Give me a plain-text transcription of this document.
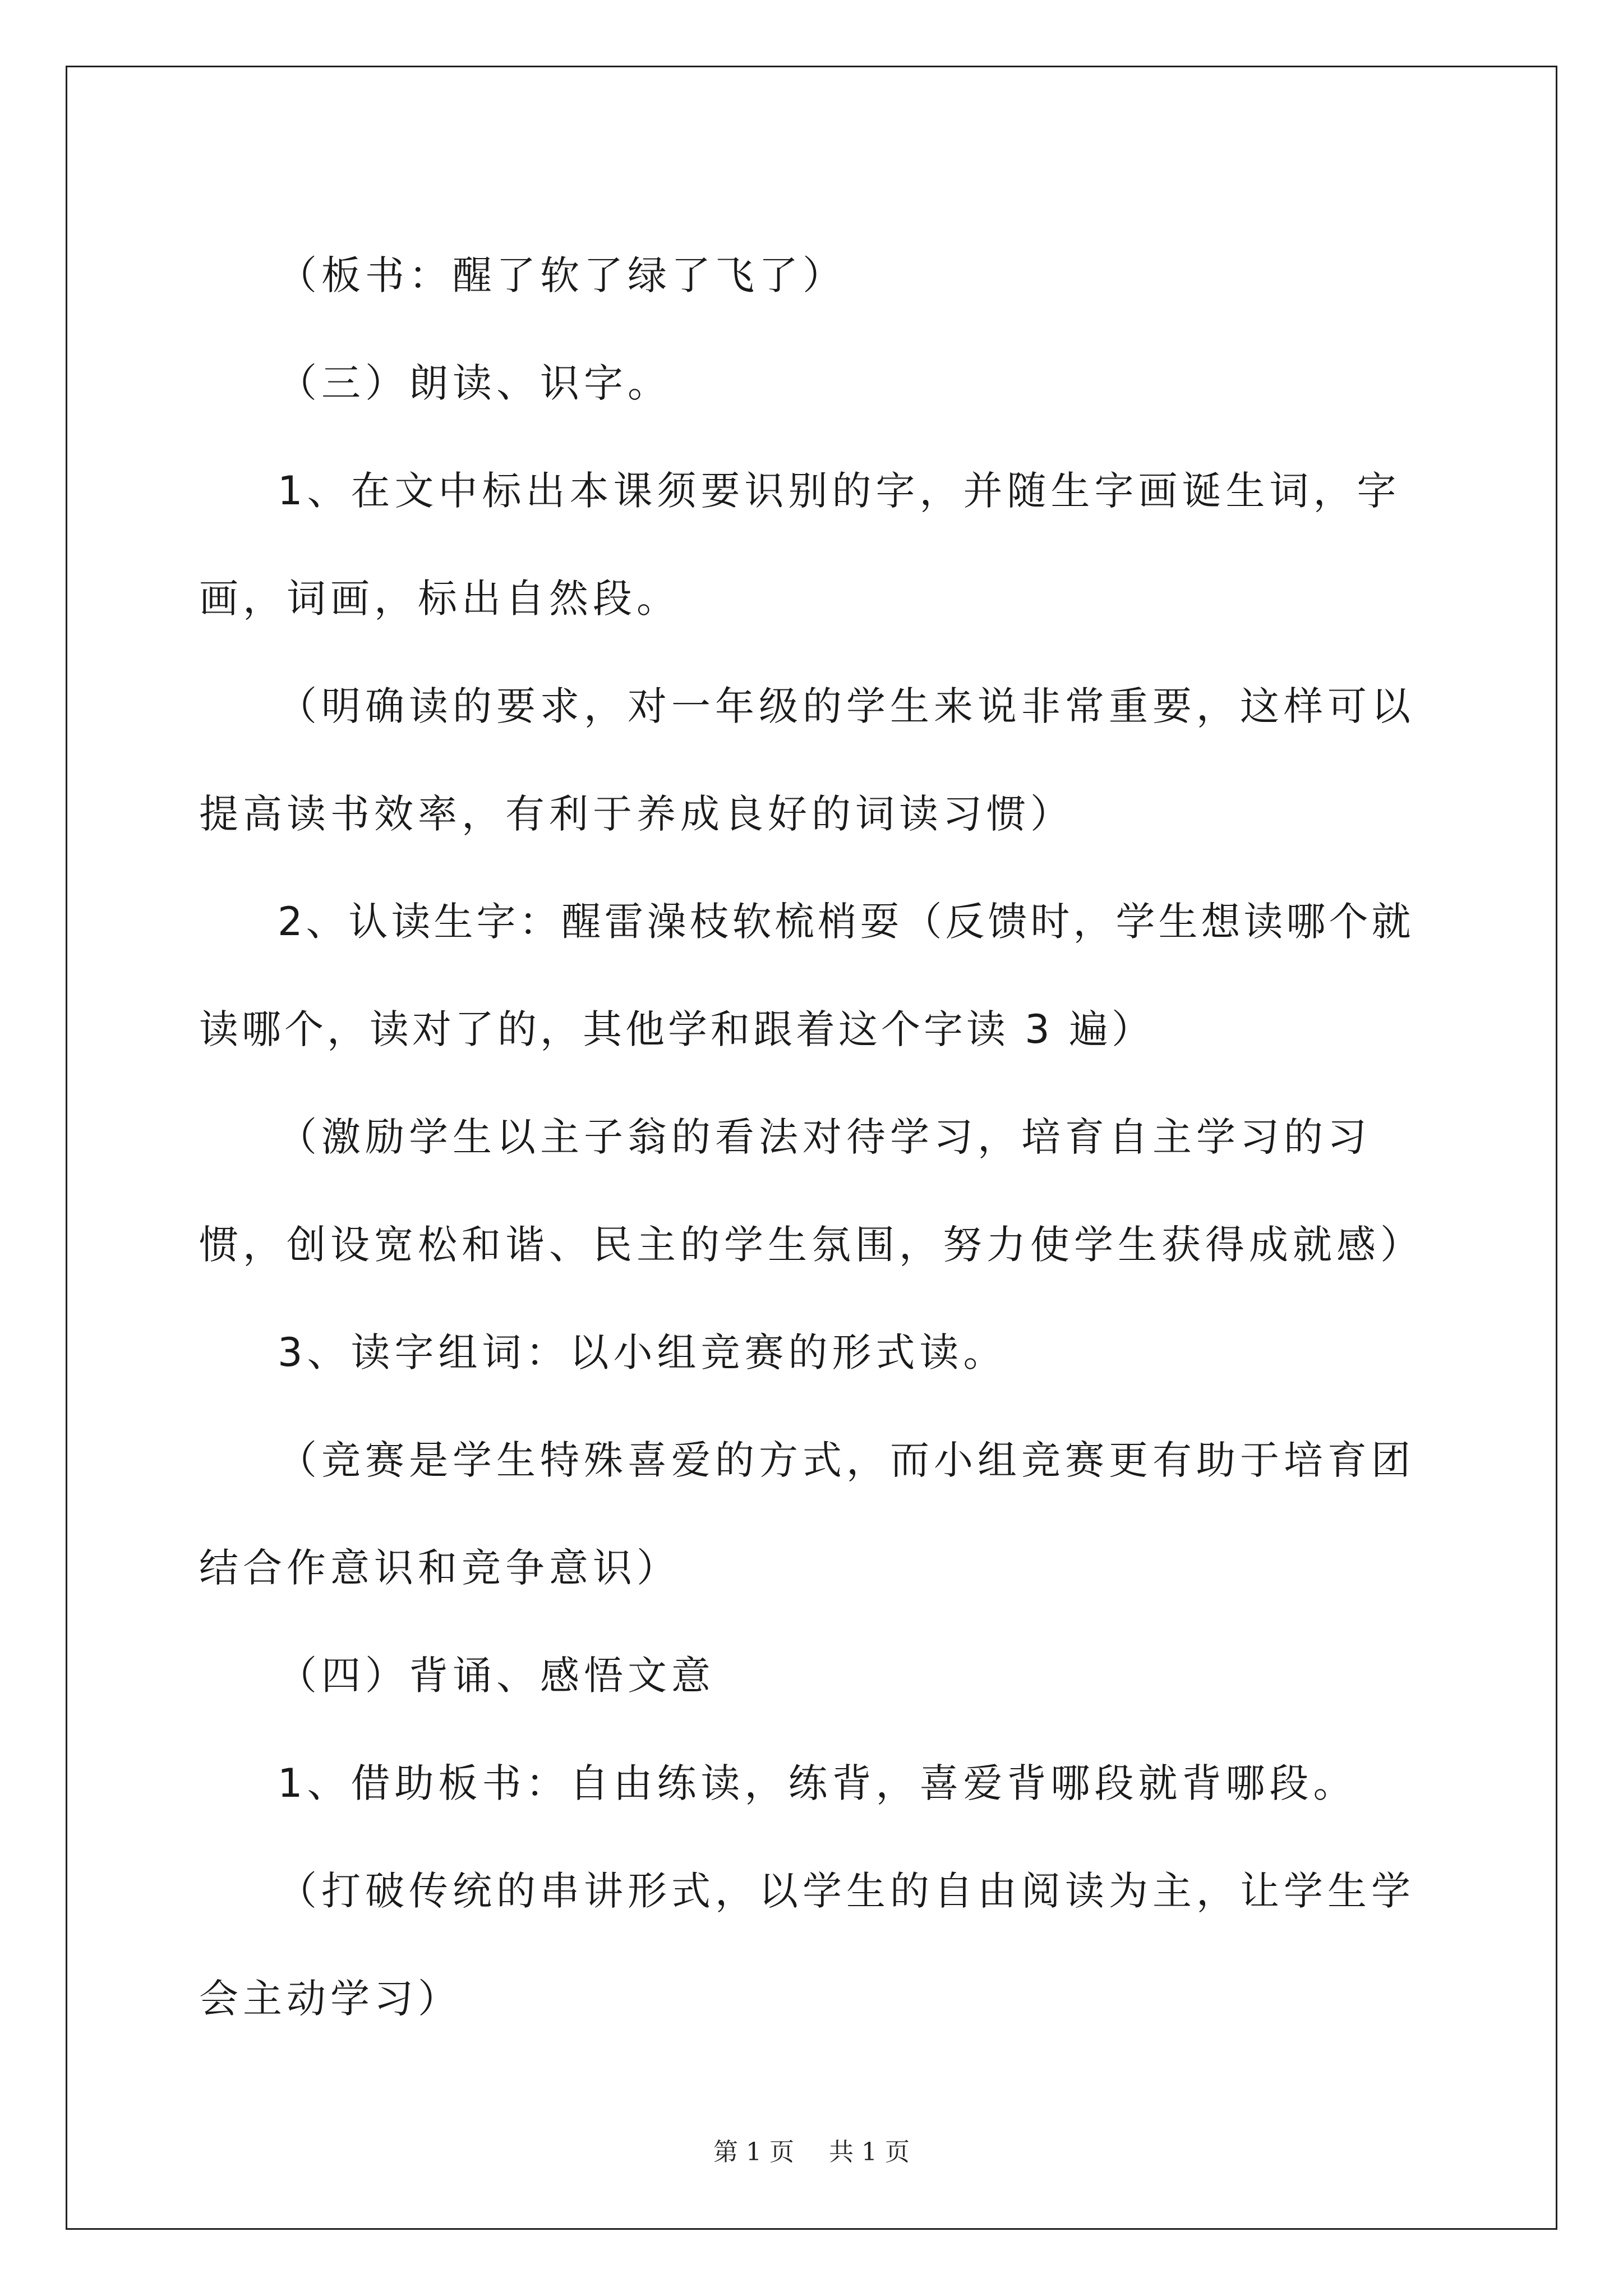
（板书：醒了软了绿了飞了）

（三）朗读、识字。

1、在文中标出本课须要识别的字，并随生字画诞生词，字画，词画，标出自然段。

（明确读的要求，对一年级的学生来说非常重要，这样可以提高读书效率，有利于养成良好的词读习惯）

2、认读生字：醒雷澡枝软梳梢耍（反馈时，学生想读哪个就读哪个，读对了的，其他学和跟着这个字读 3 遍）

（激励学生以主子翁的看法对待学习，培育自主学习的习惯，创设宽松和谐、民主的学生氛围，努力使学生获得成就感）

3、读字组词：以小组竞赛的形式读。

（竞赛是学生特殊喜爱的方式，而小组竞赛更有助于培育团结合作意识和竞争意识）

（四）背诵、感悟文意

1、借助板书：自由练读，练背，喜爱背哪段就背哪段。

（打破传统的串讲形式，以学生的自由阅读为主，让学生学会主动学习）

第 1 页 共 1 页
